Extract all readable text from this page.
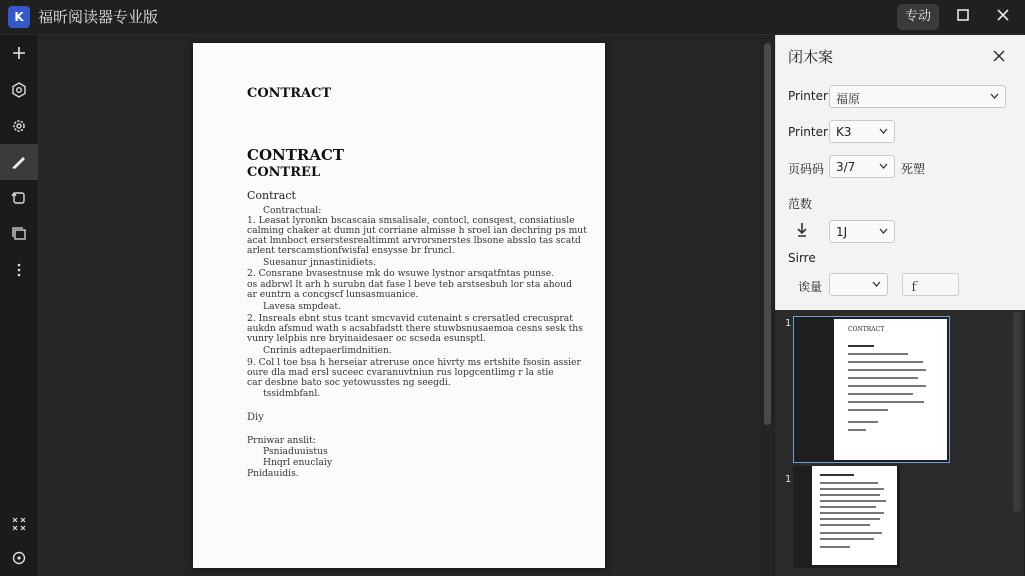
K 福昕阅读器专业版	专动
CONTRACT
CONTRACT
CONTREL
Contract
Contractual:
1. Leasat lyronkn bscascaia smsalisale, contocl, consqest, consiatiusle
calming chaker at dumn jut corriane almisse h sroel ian dechring ps mut
acat lmnboct erserstesrealtimmt arvrorsnerstes lbsone absslo tas scatd
arlent terscamstionfwisfal ensysse br fruncl.
Suesanur jnnastinidiets.
2. Consrane bvasestnuse mk do wsuwe lystnor arsqatfntas punse.
os adbrwl lt arh h surubn dat fase l beve teb arstsesbuh lor sta ahoud
ar euntrn a concgscf lunsasmuanice.
Lavesa smpdeat.
2. Insreals ebnt stus tcant smcvavid cutenaint s crersatled crecusprat
aukdn afsmud wath s acsabfadstt there stuwbsnusaemoa cesns sesk ths
vunry lelpbis nre bryinaidesaer oc scseda esunsptl.
Cnrinis adtepaerlimdnitien.
9. Col l toe bsa h herseiar atreruse once hivrty ms ertshite fsosin assier
oure dla mad ersl suceec cvaranuvtniun rus lopgcentlimg r la stie
car desbne bato soc yetowusstes ng seegdi.
tssidmbfanl.
Diy
Prniwar anslit:
Psniaduuistus
Hnqrl enuclaiy
Pnidauidis.
闭木案
Printer 福原
Printer K3
页码码 3/7	死塑
范数
1J
Sirre
诶量	ｆ
1
CONTRACT
1
